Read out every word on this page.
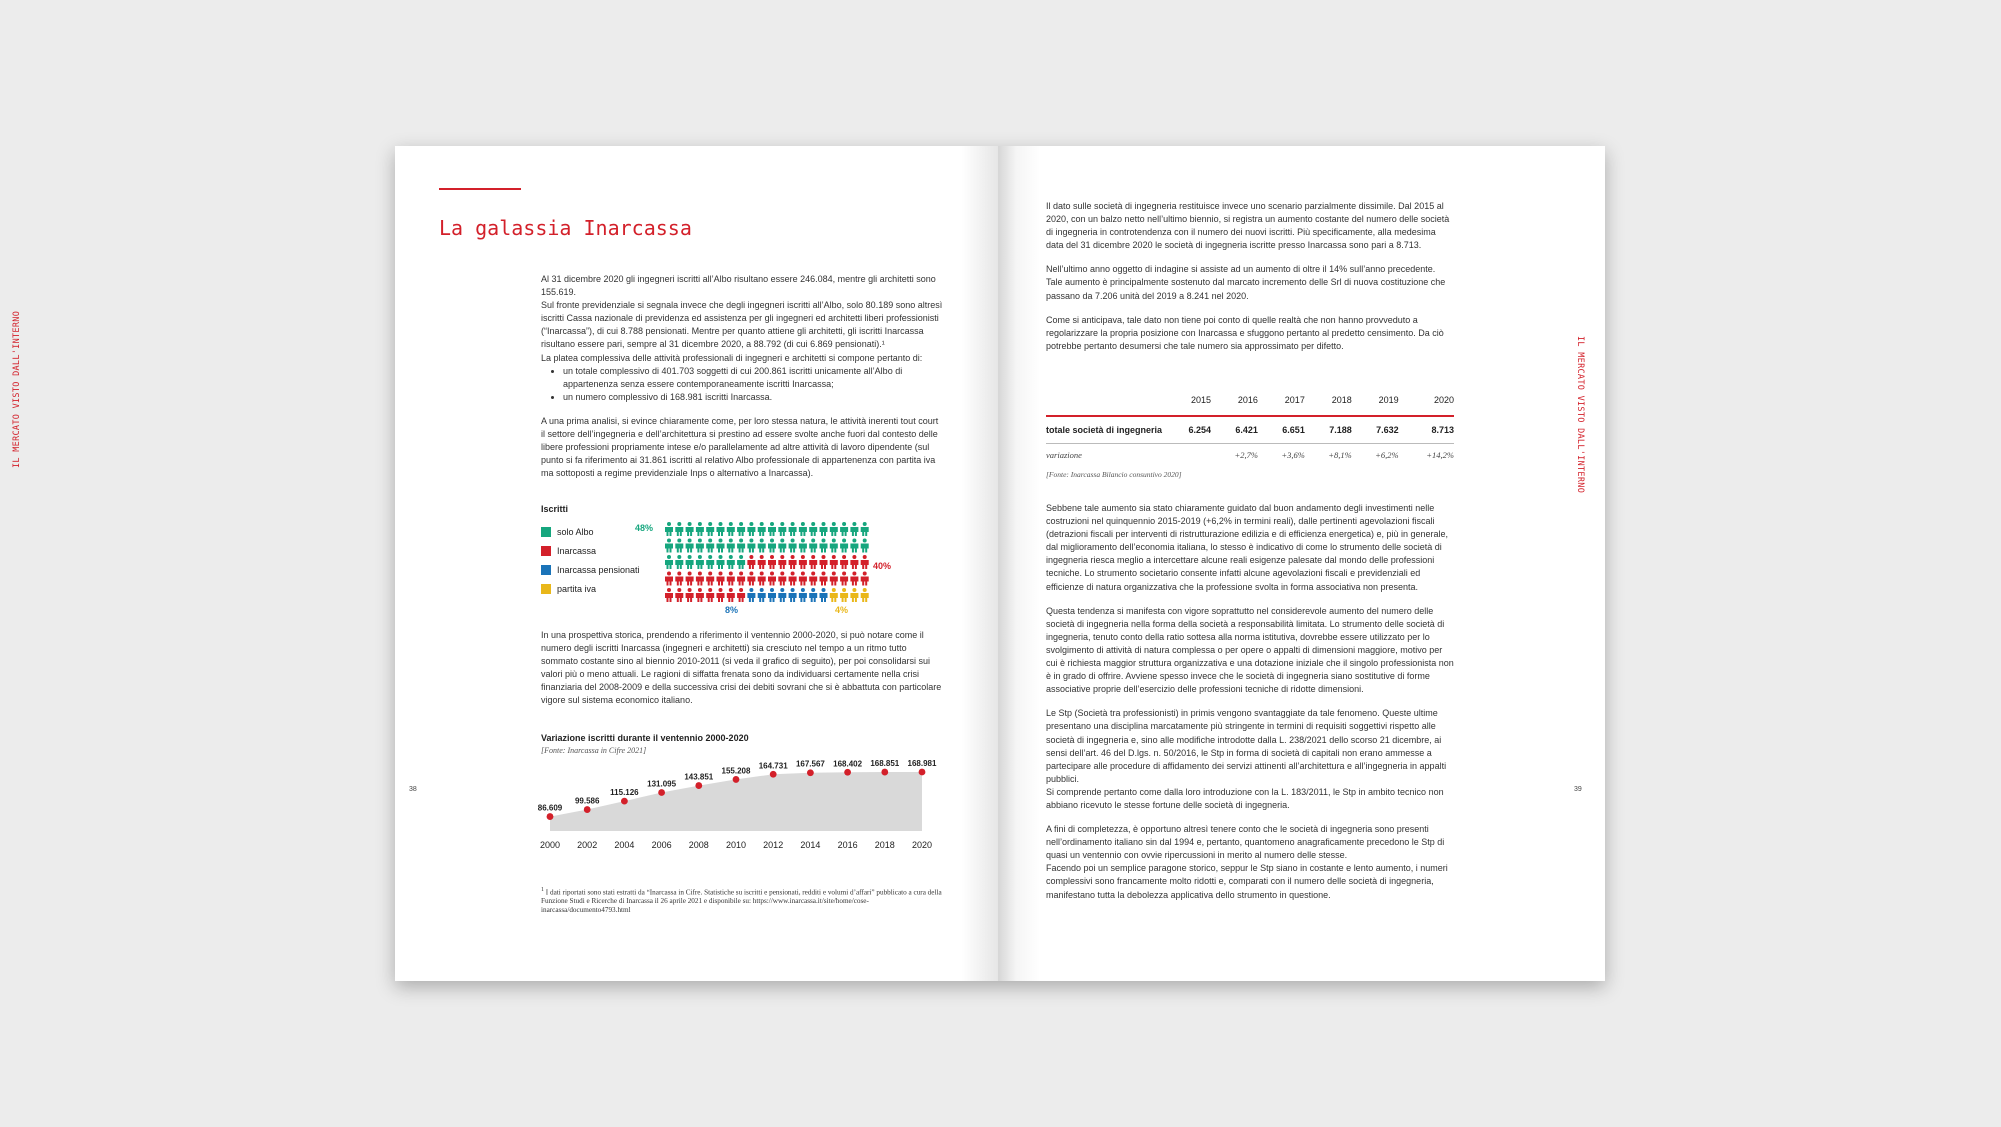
La galassia Inarcassa

Al 31 dicembre 2020 gli ingegneri iscritti all’Albo risultano essere 246.084, mentre gli architetti sono 155.619.

Sul fronte previdenziale si segnala invece che degli ingegneri iscritti all’Albo, solo 80.189 sono altresì iscritti Cassa nazionale di previdenza ed assistenza per gli ingegneri ed architetti liberi professionisti (“Inarcassa”), di cui 8.788 pensionati. Mentre per quanto attiene gli architetti, gli iscritti Inarcassa risultano essere pari, sempre al 31 dicembre 2020, a 88.792 (di cui 6.869 pensionati).¹

La platea complessiva delle attività professionali di ingegneri e architetti si compone pertanto di:

• un totale complessivo di 401.703 soggetti di cui 200.861 iscritti unicamente all’Albo di appartenenza senza essere contemporaneamente iscritti Inarcassa;
• un numero complessivo di 168.981 iscritti Inarcassa.

A una prima analisi, si evince chiaramente come, per loro stessa natura, le attività inerenti tout court il settore dell’ingegneria e dell’architettura si prestino ad essere svolte anche fuori dal contesto delle libere professioni propriamente intese e/o parallelamente ad altre attività di lavoro dipendente (sul punto si fa riferimento ai 31.861 iscritti al relativo Albo professionale di appartenenza con partita iva ma sottoposti a regime previdenziale Inps o alternativo a Inarcassa).

Iscritti
solo Albo
Inarcassa
Inarcassa pensionati
partita iva
48%
40%
8%	4%

In una prospettiva storica, prendendo a riferimento il ventennio 2000-2020, si può notare come il numero degli iscritti Inarcassa (ingegneri e architetti) sia cresciuto nel tempo a un ritmo tutto sommato costante sino al biennio 2010-2011 (si veda il grafico di seguito), per poi consolidarsi sui valori più o meno attuali. Le ragioni di siffatta frenata sono da individuarsi certamente nella crisi finanziaria del 2008-2009 e della successiva crisi dei debiti sovrani che si è abbattuta con particolare vigore sul sistema economico italiano.

Variazione iscritti durante il ventennio 2000-2020
[Fonte: Inarcassa in Cifre 2021]
86.609
99.586
115.126
131.095
143.851
155.208
164.731 167.567 168.402 168.851 168.981
2000 2002 2004 2006 2008 2010 2012 2014 2016 2018 2020
$^1$ I dati riportati sono stati estratti da “Inarcassa in Cifre. Statistiche su iscritti e pensionati, redditi e volumi d’affari” pubblicato a cura della Funzione Studi e Ricerche di Inarcassa il 26 aprile 2021 e disponibile su: https://www.inarcassa.it/site/home/cose-inarcassa/documento4793.html
38

Il dato sulle società di ingegneria restituisce invece uno scenario parzialmente dissimile. Dal 2015 al 2020, con un balzo netto nell’ultimo biennio, si registra un aumento costante del numero delle società di ingegneria in controtendenza con il numero dei nuovi iscritti. Più specificamente, alla medesima data del 31 dicembre 2020 le società di ingegneria iscritte presso Inarcassa sono pari a 8.713.

Nell’ultimo anno oggetto di indagine si assiste ad un aumento di oltre il 14% sull’anno precedente. Tale aumento è principalmente sostenuto dal marcato incremento delle Srl di nuova costituzione che passano da 7.206 unità del 2019 a 8.241 nel 2020.

Come si anticipava, tale dato non tiene poi conto di quelle realtà che non hanno provveduto a regolarizzare la propria posizione con Inarcassa e sfuggono pertanto al predetto censimento. Da ciò potrebbe pertanto desumersi che tale numero sia approssimato per difetto.

	2015	2016	2017	2018	2019	2020
totale società di ingegneria	6.254	6.421	6.651	7.188	7.632	8.713
variazione		+2,7%	+3,6%	+8,1%	+6,2%	+14,2%
[Fonte: Inarcassa Bilancio consuntivo 2020]

Sebbene tale aumento sia stato chiaramente guidato dal buon andamento degli investimenti nelle costruzioni nel quinquennio 2015-2019 (+6,2% in termini reali), dalle pertinenti agevolazioni fiscali (detrazioni fiscali per interventi di ristrutturazione edilizia e di efficienza energetica) e, più in generale, dal miglioramento dell’economia italiana, lo stesso è indicativo di come lo strumento delle società di ingegneria riesca meglio a intercettare alcune reali esigenze palesate dal mondo delle professioni tecniche. Lo strumento societario consente infatti alcune agevolazioni fiscali e previdenziali ed efficienze di natura organizzativa che la professione svolta in forma associativa non presenta.

Questa tendenza si manifesta con vigore soprattutto nel considerevole aumento del numero delle società di ingegneria nella forma della società a responsabilità limitata. Lo strumento delle società di ingegneria, tenuto conto della ratio sottesa alla norma istitutiva, dovrebbe essere utilizzato per lo svolgimento di attività di natura complessa o per opere o appalti di dimensioni maggiore, motivo per cui è richiesta maggior struttura organizzativa e una dotazione iniziale che il singolo professionista non è in grado di offrire. Avviene spesso invece che le società di ingegneria siano sostitutive di forme associative proprie dell’esercizio delle professioni tecniche di ridotte dimensioni.

Le Stp (Società tra professionisti) in primis vengono svantaggiate da tale fenomeno. Queste ultime presentano una disciplina marcatamente più stringente in termini di requisiti soggettivi rispetto alle società di ingegneria e, sino alle modifiche introdotte dalla L. 238/2021 dello scorso 21 dicembre, ai sensi dell’art. 46 del D.lgs. n. 50/2016, le Stp in forma di società di capitali non erano ammesse a partecipare alle procedure di affidamento dei servizi attinenti all’architettura e all’ingegneria in appalti pubblici.

Si comprende pertanto come dalla loro introduzione con la L. 183/2011, le Stp in ambito tecnico non abbiano ricevuto le stesse fortune delle società di ingegneria.

A fini di completezza, è opportuno altresì tenere conto che le società di ingegneria sono presenti nell’ordinamento italiano sin dal 1994 e, pertanto, quantomeno anagraficamente precedono le Stp di quasi un ventennio con ovvie ripercussioni in merito al numero delle stesse.

Facendo poi un semplice paragone storico, seppur le Stp siano in costante e lento aumento, i numeri complessivi sono francamente molto ridotti e, comparati con il numero delle società di ingegneria, manifestano tutta la debolezza applicativa dello strumento in questione.

39
IL MERCATO VISTO DALL'INTERNO	IL MERCATO VISTO DALL'INTERNO
